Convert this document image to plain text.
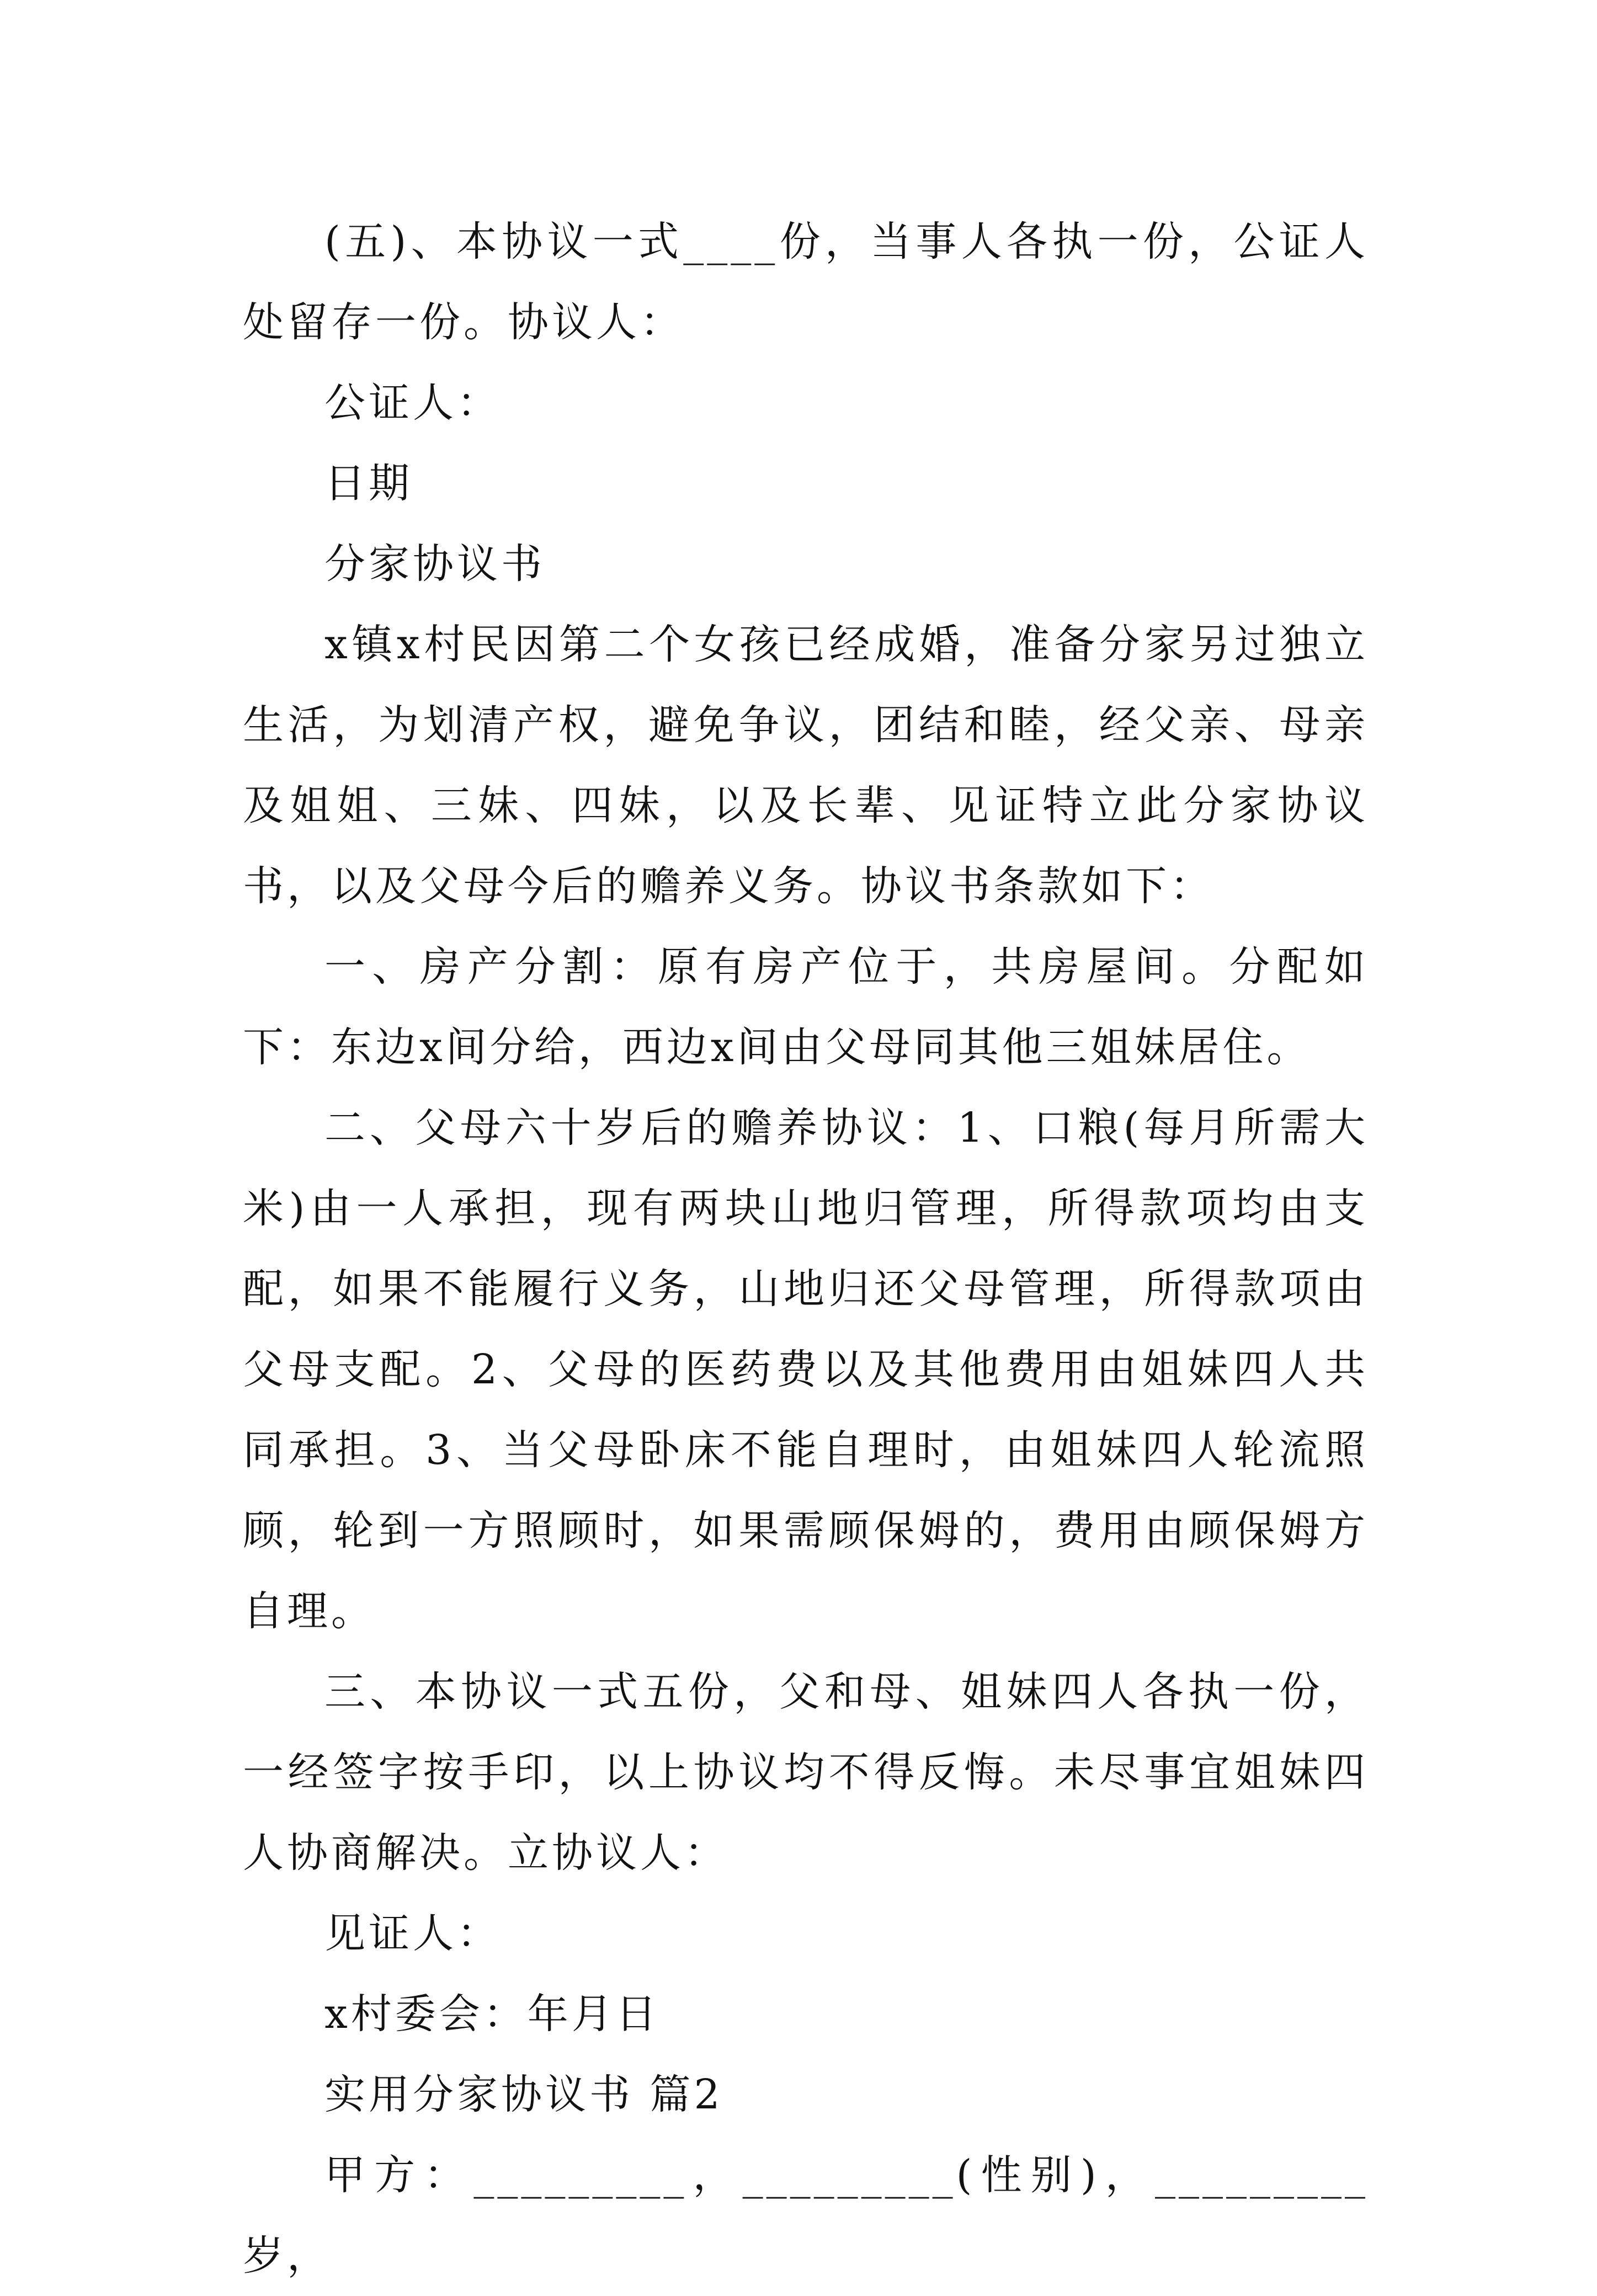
(五)、本协议一式____份，当事人各执一份，公证人处留存一份。协议人：

公证人：

日期

分家协议书

x镇x村民因第二个女孩已经成婚，准备分家另过独立生活，为划清产权，避免争议，团结和睦，经父亲、母亲及姐姐、三妹、四妹，以及长辈、见证特立此分家协议书，以及父母今后的赡养义务。协议书条款如下：

一、房产分割：原有房产位于，共房屋间。分配如下：东边x间分给，西边x间由父母同其他三姐妹居住。

二、父母六十岁后的赡养协议：1、口粮(每月所需大米)由一人承担，现有两块山地归管理，所得款项均由支配，如果不能履行义务，山地归还父母管理，所得款项由父母支配。2、父母的医药费以及其他费用由姐妹四人共同承担。3、当父母卧床不能自理时，由姐妹四人轮流照顾，轮到一方照顾时，如果需顾保姆的，费用由顾保姆方自理。

三、本协议一式五份，父和母、姐妹四人各执一份，一经签字按手印，以上协议均不得反悔。未尽事宜姐妹四人协商解决。立协议人：

见证人：

x村委会：年月日

实用分家协议书 篇2

甲方：_________，_________(性别)，_________岁，
